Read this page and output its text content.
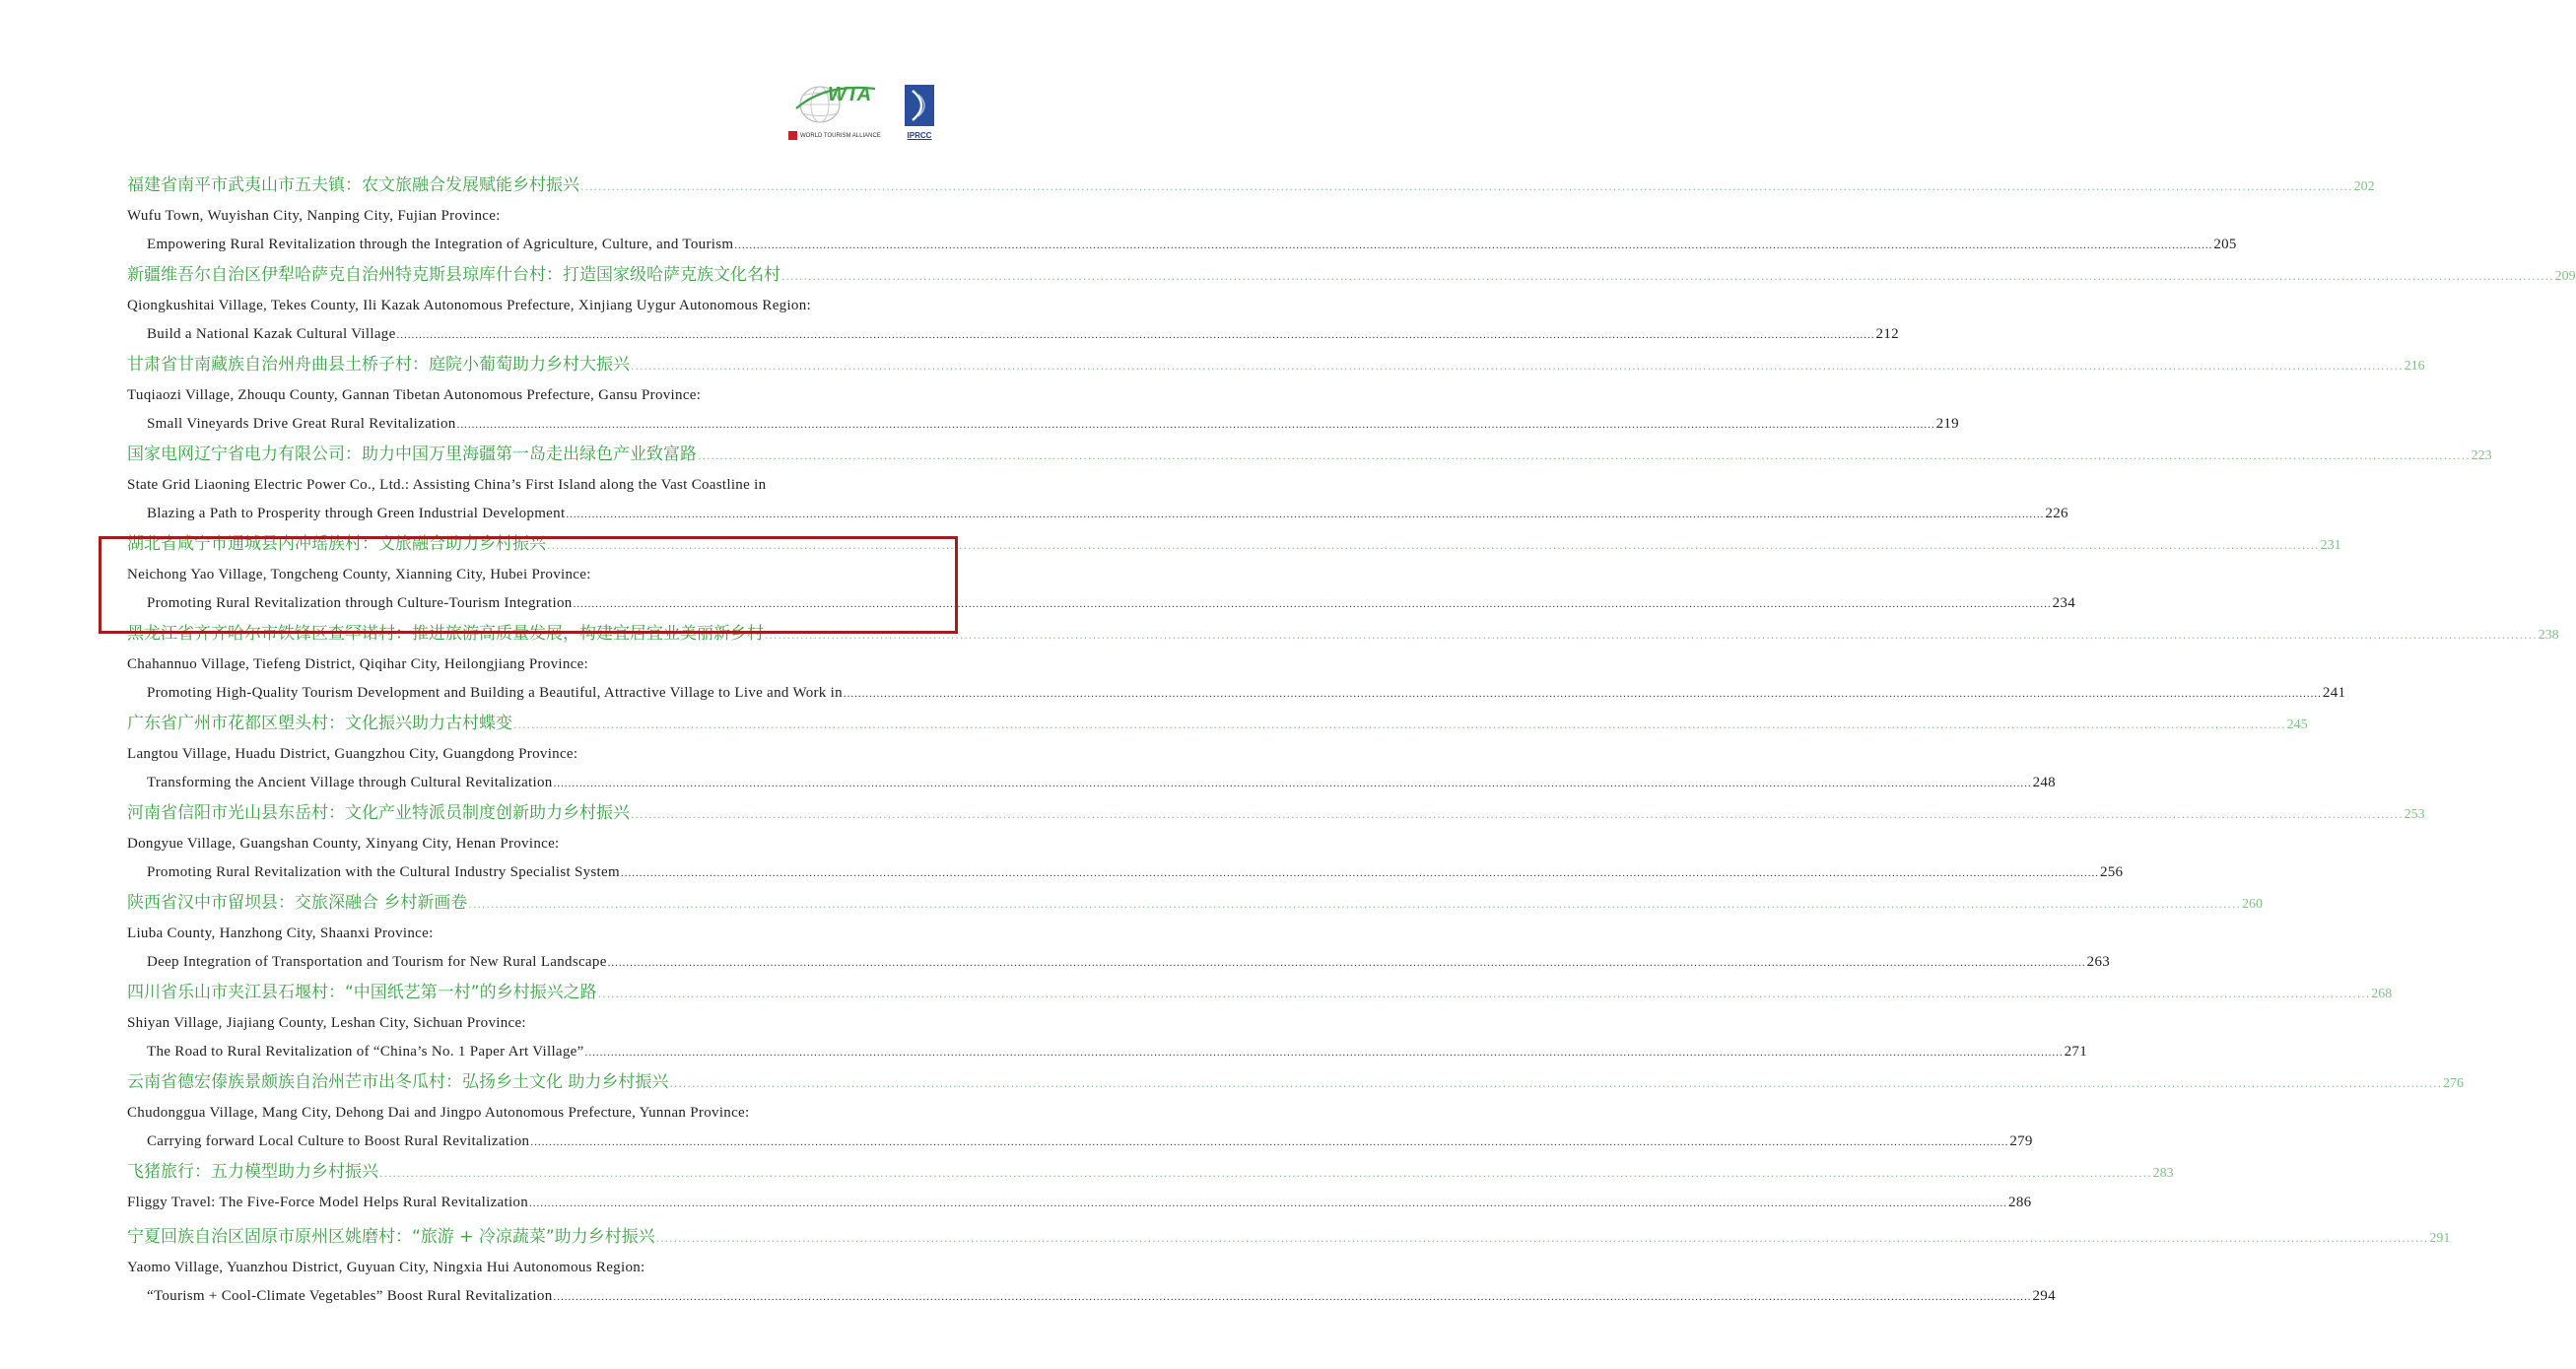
WTA
WORLD TOURISM ALLIANCE	IPRCC
福建省南平市武夷山市五夫镇：农文旅融合发展赋能乡村振兴 ................................................................................................................................................................................................................................................................................................................................................................................................................ 202
Wufu Town, Wuyishan City, Nanping City, Fujian Province:
Empowering Rural Revitalization through the Integration of Agriculture, Culture, and Tourism ................................................................................................................................................................................................................................................................................................................................................................................................................ 205
新疆维吾尔自治区伊犁哈萨克自治州特克斯县琼库什台村：打造国家级哈萨克族文化名村 ................................................................................................................................................................................................................................................................................................................................................................................................................ 209
Qiongkushitai Village, Tekes County, Ili Kazak Autonomous Prefecture, Xinjiang Uygur Autonomous Region:
Build a National Kazak Cultural Village ................................................................................................................................................................................................................................................................................................................................................................................................................ 212
甘肃省甘南藏族自治州舟曲县土桥子村：庭院小葡萄助力乡村大振兴 ................................................................................................................................................................................................................................................................................................................................................................................................................ 216
Tuqiaozi Village, Zhouqu County, Gannan Tibetan Autonomous Prefecture, Gansu Province:
Small Vineyards Drive Great Rural Revitalization ................................................................................................................................................................................................................................................................................................................................................................................................................ 219
国家电网辽宁省电力有限公司：助力中国万里海疆第一岛走出绿色产业致富路 ................................................................................................................................................................................................................................................................................................................................................................................................................ 223
State Grid Liaoning Electric Power Co., Ltd.: Assisting China’s First Island along the Vast Coastline in
Blazing a Path to Prosperity through Green Industrial Development ................................................................................................................................................................................................................................................................................................................................................................................................................ 226
湖北省咸宁市通城县内冲瑶族村：文旅融合助力乡村振兴 ................................................................................................................................................................................................................................................................................................................................................................................................................ 231
Neichong Yao Village, Tongcheng County, Xianning City, Hubei Province:
Promoting Rural Revitalization through Culture-Tourism Integration ................................................................................................................................................................................................................................................................................................................................................................................................................ 234
黑龙江省齐齐哈尔市铁锋区查罕诺村：推进旅游高质量发展，构建宜居宜业美丽新乡村 ................................................................................................................................................................................................................................................................................................................................................................................................................ 238
Chahannuo Village, Tiefeng District, Qiqihar City, Heilongjiang Province:
Promoting High-Quality Tourism Development and Building a Beautiful, Attractive Village to Live and Work in ................................................................................................................................................................................................................................................................................................................................................................................................................ 241
广东省广州市花都区塱头村：文化振兴助力古村蝶变 ................................................................................................................................................................................................................................................................................................................................................................................................................ 245
Langtou Village, Huadu District, Guangzhou City, Guangdong Province:
Transforming the Ancient Village through Cultural Revitalization ................................................................................................................................................................................................................................................................................................................................................................................................................ 248
河南省信阳市光山县东岳村：文化产业特派员制度创新助力乡村振兴 ................................................................................................................................................................................................................................................................................................................................................................................................................ 253
Dongyue Village, Guangshan County, Xinyang City, Henan Province:
Promoting Rural Revitalization with the Cultural Industry Specialist System ................................................................................................................................................................................................................................................................................................................................................................................................................ 256
陕西省汉中市留坝县：交旅深融合 乡村新画卷 ................................................................................................................................................................................................................................................................................................................................................................................................................ 260
Liuba County, Hanzhong City, Shaanxi Province:
Deep Integration of Transportation and Tourism for New Rural Landscape ................................................................................................................................................................................................................................................................................................................................................................................................................ 263
四川省乐山市夹江县石堰村：“中国纸艺第一村”的乡村振兴之路 ................................................................................................................................................................................................................................................................................................................................................................................................................ 268
Shiyan Village, Jiajiang County, Leshan City, Sichuan Province:
The Road to Rural Revitalization of “China’s No. 1 Paper Art Village” ................................................................................................................................................................................................................................................................................................................................................................................................................ 271
云南省德宏傣族景颇族自治州芒市出冬瓜村：弘扬乡土文化 助力乡村振兴 ................................................................................................................................................................................................................................................................................................................................................................................................................ 276
Chudonggua Village, Mang City, Dehong Dai and Jingpo Autonomous Prefecture, Yunnan Province:
Carrying forward Local Culture to Boost Rural Revitalization ................................................................................................................................................................................................................................................................................................................................................................................................................ 279
飞猪旅行：五力模型助力乡村振兴 ................................................................................................................................................................................................................................................................................................................................................................................................................ 283
Fliggy Travel: The Five-Force Model Helps Rural Revitalization ................................................................................................................................................................................................................................................................................................................................................................................................................ 286
宁夏回族自治区固原市原州区姚磨村：“旅游 + 冷凉蔬菜”助力乡村振兴 ................................................................................................................................................................................................................................................................................................................................................................................................................ 291
Yaomo Village, Yuanzhou District, Guyuan City, Ningxia Hui Autonomous Region:
“Tourism + Cool-Climate Vegetables” Boost Rural Revitalization ................................................................................................................................................................................................................................................................................................................................................................................................................ 294
